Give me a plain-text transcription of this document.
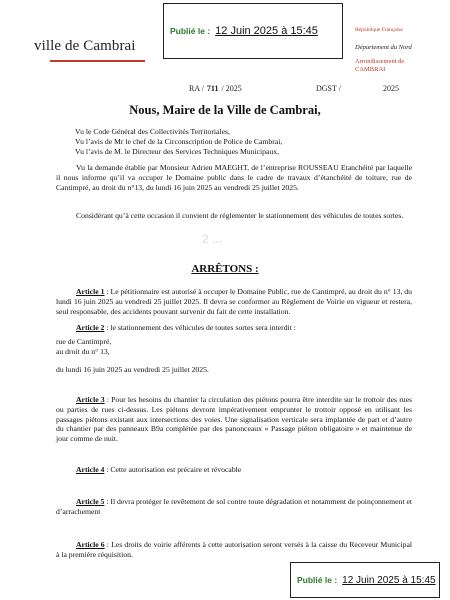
Publié le : 12 Juin 2025 à 15:45
ville de Cambrai
République Française
Département du Nord
Arrondissement de CAMBRAI
RA / 711 / 2025	DGST /	2025
Nous, Maire de la Ville de Cambrai,
Vu le Code Général des Collectivités Territoriales,
Vu l’avis de Mr le chef de la Circonscription de Police de Cambrai,
Vu l’avis de M. le Directeur des Services Techniques Municipaux,
Vu la demande établie par Monsieur Adrien MAEGHT, de l’entreprise ROUSSEAU Etanchéité par laquelle il nous informe qu’il va occuper le Domaine public dans le cadre de travaux d’étanchéité de toiture, rue de Cantimpré, au droit du n°13, du lundi 16 juin 2025 au vendredi 25 juillet 2025.
Considérant qu’à cette occasion il convient de réglementer le stationnement des véhicules de toutes sortes.
2 ...
ARRÊTONS :
Article 1 : Le pétitionnaire est autorisé à occuper le Domaine Public, rue de Cantimpré, au droit du n° 13, du lundi 16 juin 2025 au vendredi 25 juillet 2025. Il devra se conformer au Règlement de Voirie en vigueur et restera, seul responsable, des accidents pouvant survenir du fait de cette installation.
Article 2 : le stationnement des véhicules de toutes sortes sera interdit :
rue de Cantimpré,
au droit du n° 13,
du lundi 16 juin 2025 au vendredi 25 juillet 2025.
Article 3 : Pour les besoins du chantier la circulation des piétons pourra être interdite sur le trottoir des rues ou parties de rues ci-dessus. Les piétons devront impérativement emprunter le trottoir opposé en utilisant les passages piétons existant aux intersections des voies. Une signalisation verticale sera implantée de part et d’autre du chantier par des panneaux B9a complétée par des panonceaux « Passage piéton obligatoire » et maintenue de jour comme de nuit.
Article 4 : Cette autorisation est précaire et révocable
Article 5 : Il devra protéger le revêtement de sol contre toute dégradation et notamment de poinçonnement et d’arrachement
Article 6 : Les droits de voirie afférents à cette autorisation seront versés à la caisse du Receveur Municipal à la première réquisition.
Publié le : 12 Juin 2025 à 15:45
